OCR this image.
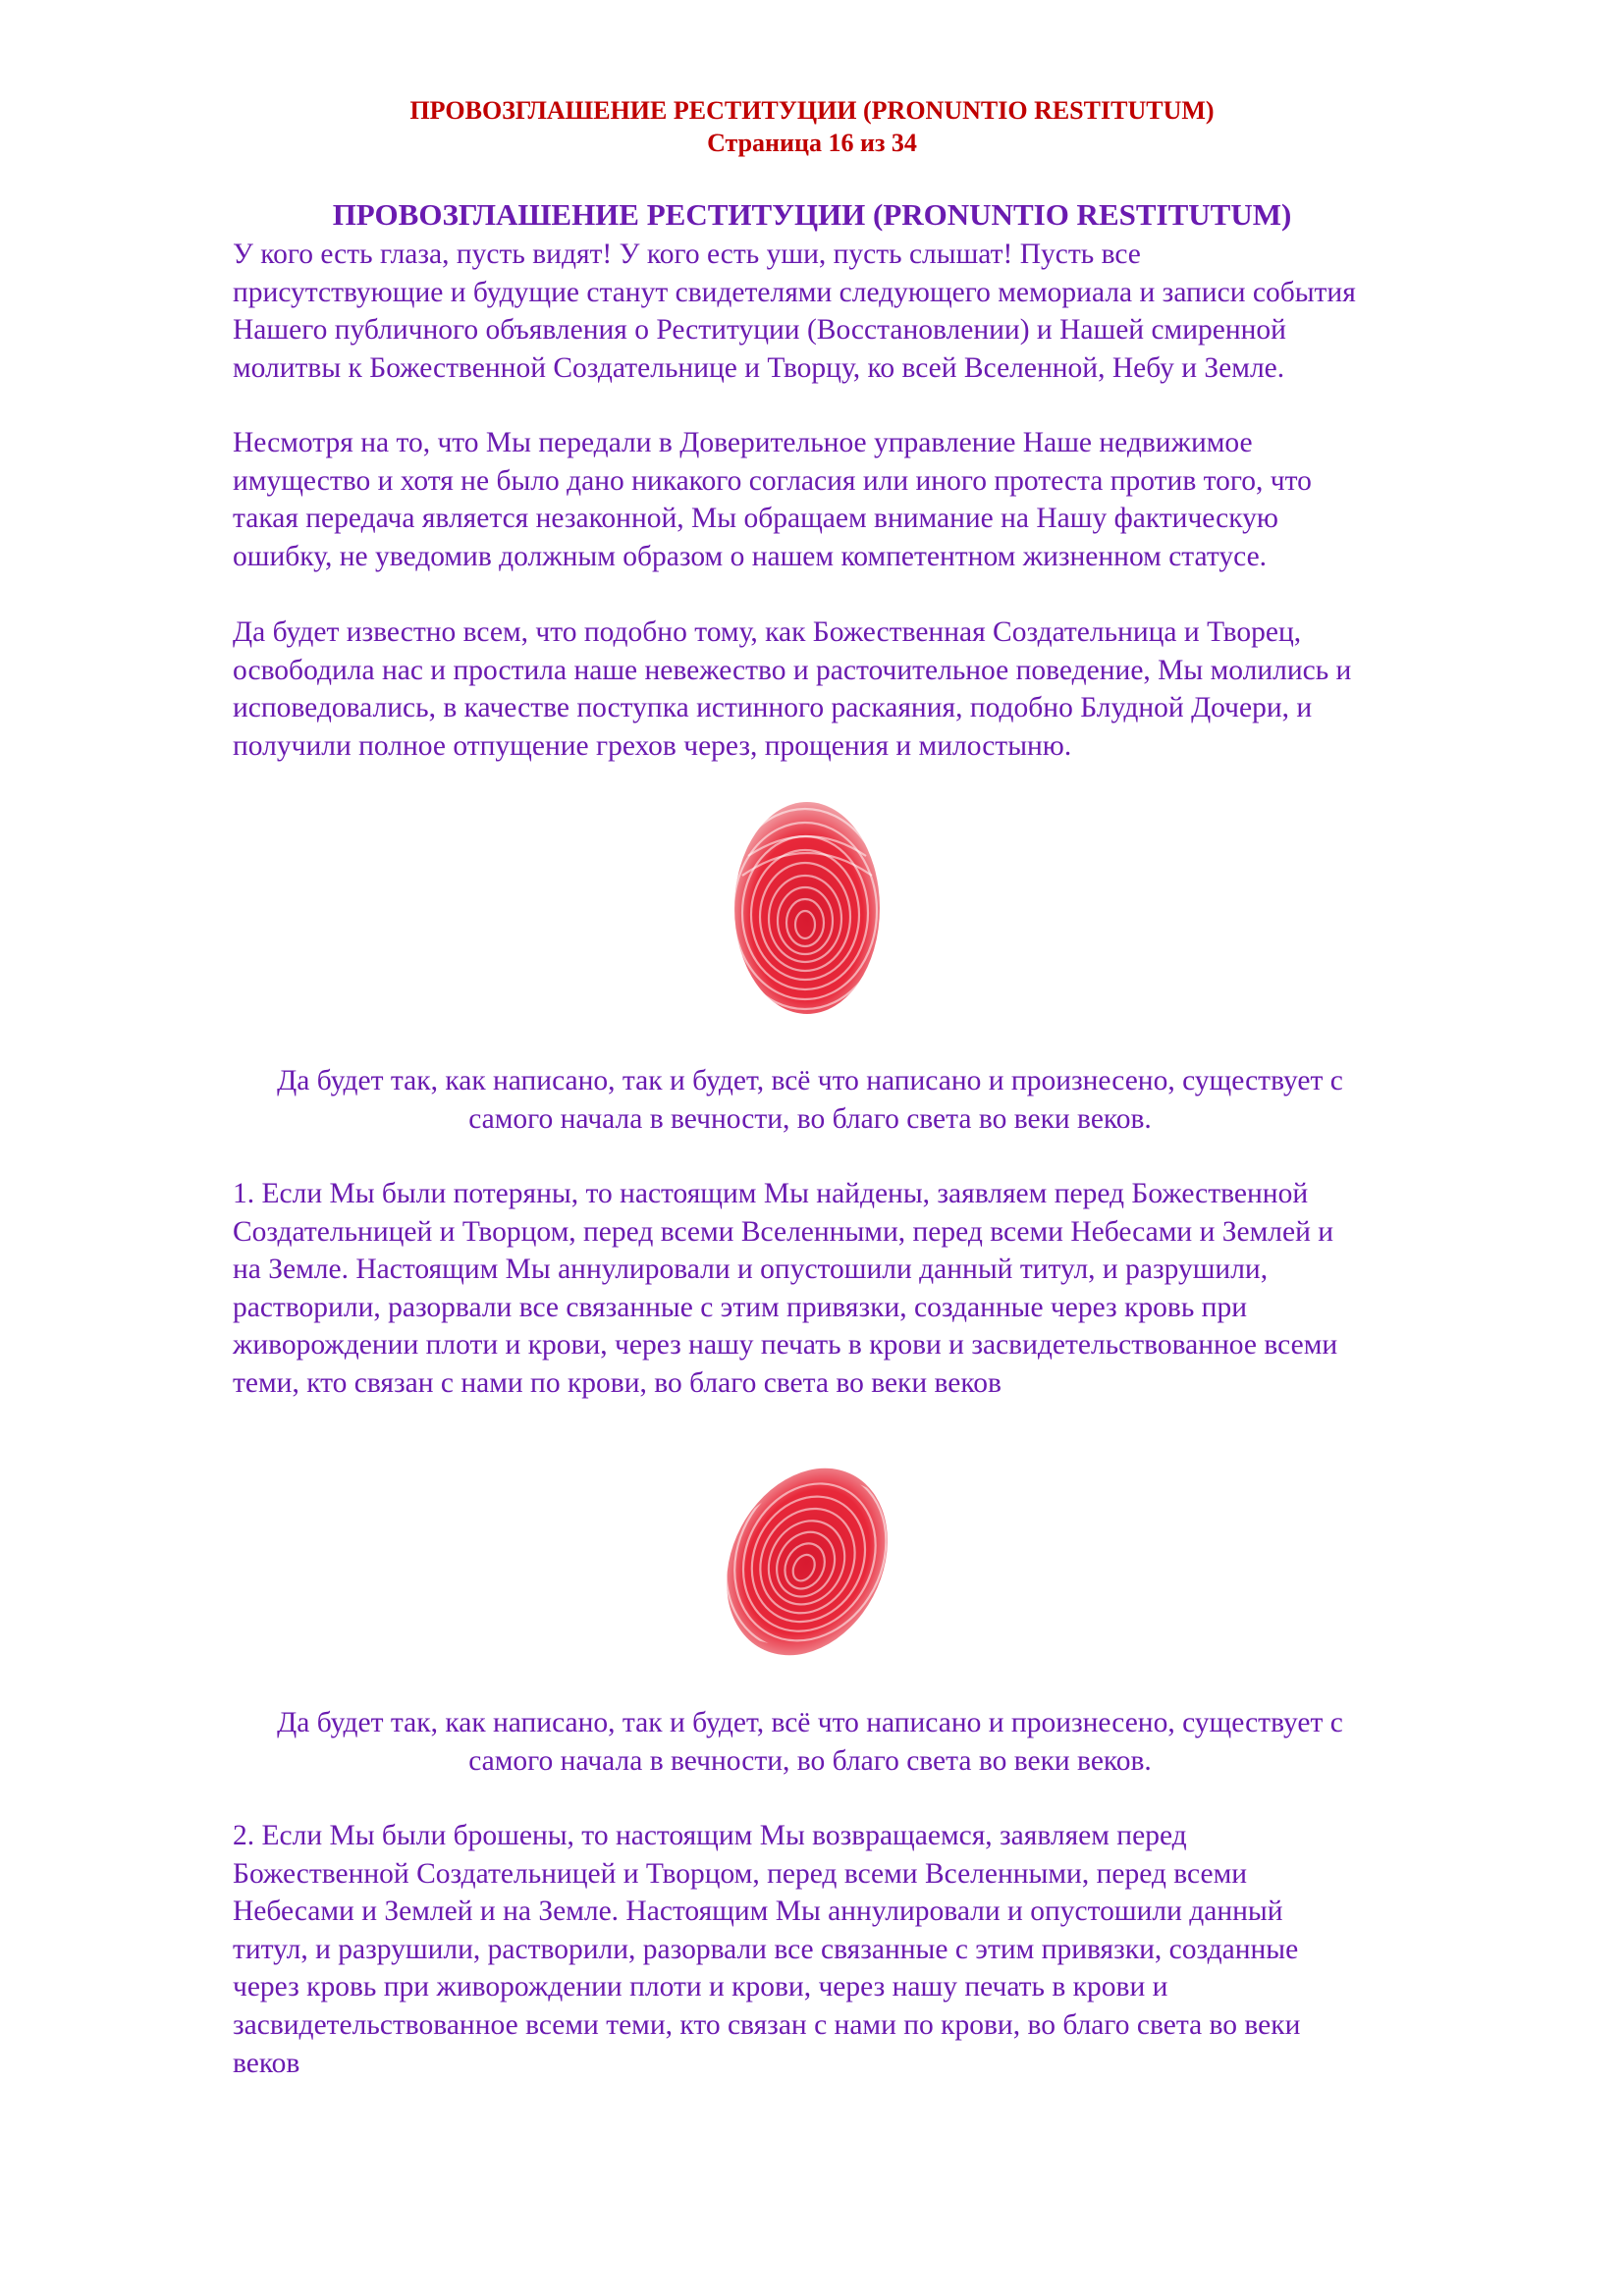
ПРОВОЗГЛАШЕНИЕ РЕСТИТУЦИИ (PRONUNTIO RESTITUTUM)
Страница 16 из 34
ПРОВОЗГЛАШЕНИЕ РЕСТИТУЦИИ (PRONUNTIO RESTITUTUM)

У кого есть глаза, пусть видят! У кого есть уши, пусть слышат! Пусть все
присутствующие и будущие станут свидетелями следующего мемориала и записи события
Нашего публичного объявления о Реституции (Восстановлении) и Нашей смиренной
молитвы к Божественной Создательнице и Творцу, ко всей Вселенной, Небу и Земле.

Несмотря на то, что Мы передали в Доверительное управление Наше недвижимое
имущество и хотя не было дано никакого согласия или иного протеста против того, что
такая передача является незаконной, Мы обращаем внимание на Нашу фактическую
ошибку, не уведомив должным образом о нашем компетентном жизненном статусе.

Да будет известно всем, что подобно тому, как Божественная Создательница и Творец,
освободила нас и простила наше невежество и расточительное поведение, Мы молились и
исповедовались, в качестве поступка истинного раскаяния, подобно Блудной Дочери, и
получили полное отпущение грехов через, прощения и милостыню.

Да будет так, как написано, так и будет, всё что написано и произнесено, существует с
самого начала в вечности, во благо света во веки веков.

1. Если Мы были потеряны, то настоящим Мы найдены, заявляем перед Божественной
Создательницей и Творцом, перед всеми Вселенными, перед всеми Небесами и Землей и
на Земле. Настоящим Мы аннулировали и опустошили данный титул, и разрушили,
растворили, разорвали все связанные с этим привязки, созданные через кровь при
живорождении плоти и крови, через нашу печать в крови и засвидетельствованное всеми
теми, кто связан с нами по крови, во благо света во веки веков

Да будет так, как написано, так и будет, всё что написано и произнесено, существует с
самого начала в вечности, во благо света во веки веков.

2. Если Мы были брошены, то настоящим Мы возвращаемся, заявляем перед
Божественной Создательницей и Творцом, перед всеми Вселенными, перед всеми
Небесами и Землей и на Земле. Настоящим Мы аннулировали и опустошили данный
титул, и разрушили, растворили, разорвали все связанные с этим привязки, созданные
через кровь при живорождении плоти и крови, через нашу печать в крови и
засвидетельствованное всеми теми, кто связан с нами по крови, во благо света во веки
веков
